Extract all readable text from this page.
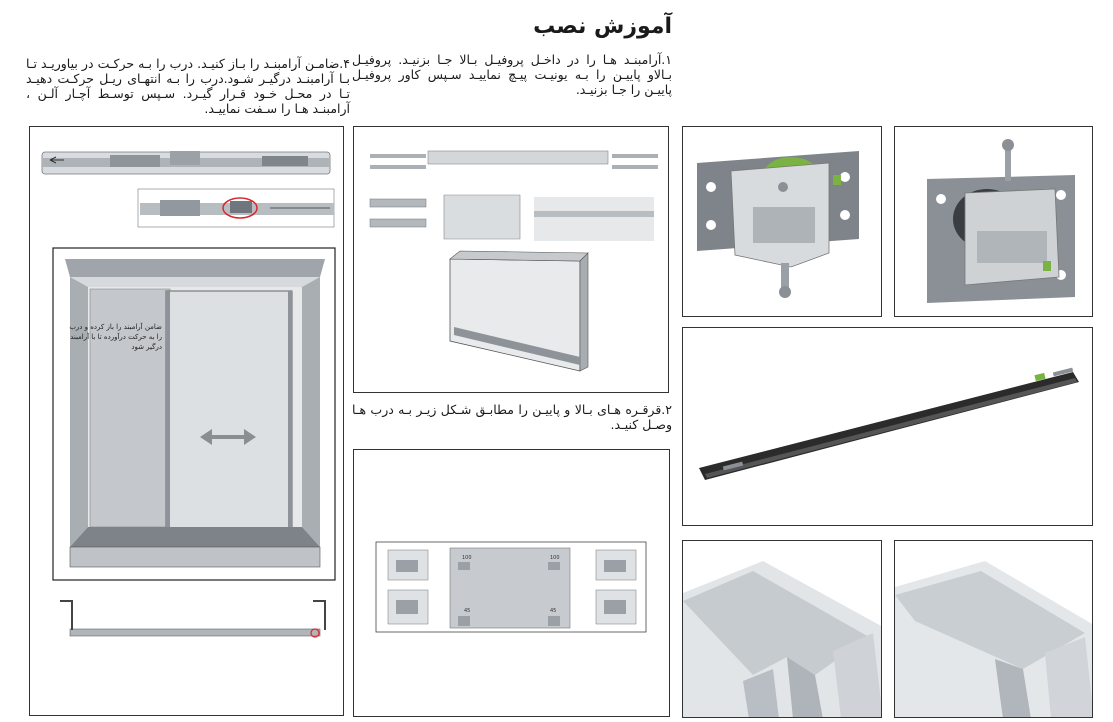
آموزش نصب
۱.آرامبنـد هـا را در داخـل پروفیـل بـالا جـا بزنیـد. پروفیـل بـالاو پاییـن را بـه یونیـت پیـچ نماییـد سـپس کاور پروفیـل پاییـن را جـا بزنیـد.
۲.قرقـره هـای بـالا و پاییـن را مطابـق شـکل زیـر بـه درب هـا وصـل کنیـد.
۴.ضامـن آرامبنـد را بـاز کنیـد. درب را بـه حرکـت در بیاوریـد تـا بـا آرامبنـد درگیـر شـود.درب را بـه انتهـای ریـل حرکـت دهیـد تـا در محـل خـود قـرار گیـرد. سـپس توسـط آچـار آلـن ، آرامبنـد هـا را سـفت نماییـد.
ضامن آرامبند را باز کرده و درب را به حرکت درآورده تا با آرامبند درگیر شود
100	100
45	45
